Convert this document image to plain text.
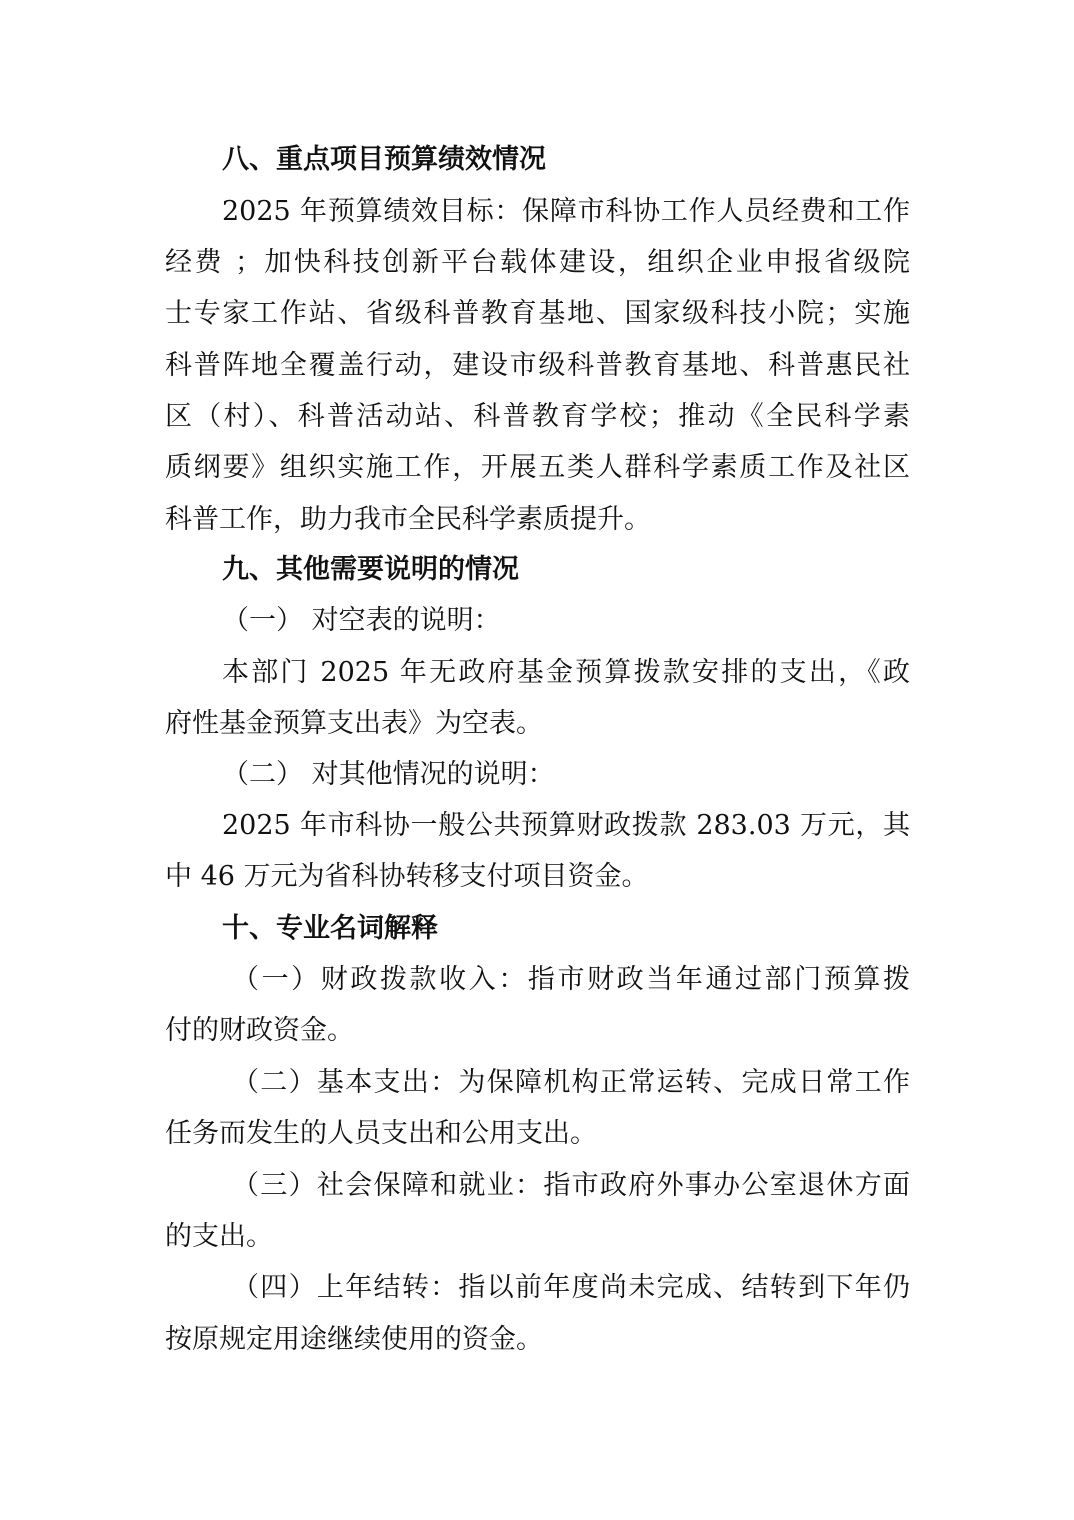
八、重点项目预算绩效情况
2025 年预算绩效目标：保障市科协工作人员经费和工作
经费 ；加快科技创新平台载体建设，组织企业申报省级院
士专家工作站、省级科普教育基地、国家级科技小院；实施
科普阵地全覆盖行动，建设市级科普教育基地、科普惠民社
区（村）、科普活动站、科普教育学校；推动《全民科学素
质纲要》组织实施工作，开展五类人群科学素质工作及社区
科普工作，助力我市全民科学素质提升。
九、其他需要说明的情况
（一） 对空表的说明：
本部门 2025 年无政府基金预算拨款安排的支出，《政
府性基金预算支出表》为空表。
（二） 对其他情况的说明：
2025 年市科协一般公共预算财政拨款 283.03 万元，其
中 46 万元为省科协转移支付项目资金。
十、专业名词解释
（一）财政拨款收入：指市财政当年通过部门预算拨
付的财政资金。
（二）基本支出：为保障机构正常运转、完成日常工作
任务而发生的人员支出和公用支出。
（三）社会保障和就业：指市政府外事办公室退休方面
的支出。
（四）上年结转：指以前年度尚未完成、结转到下年仍
按原规定用途继续使用的资金。
